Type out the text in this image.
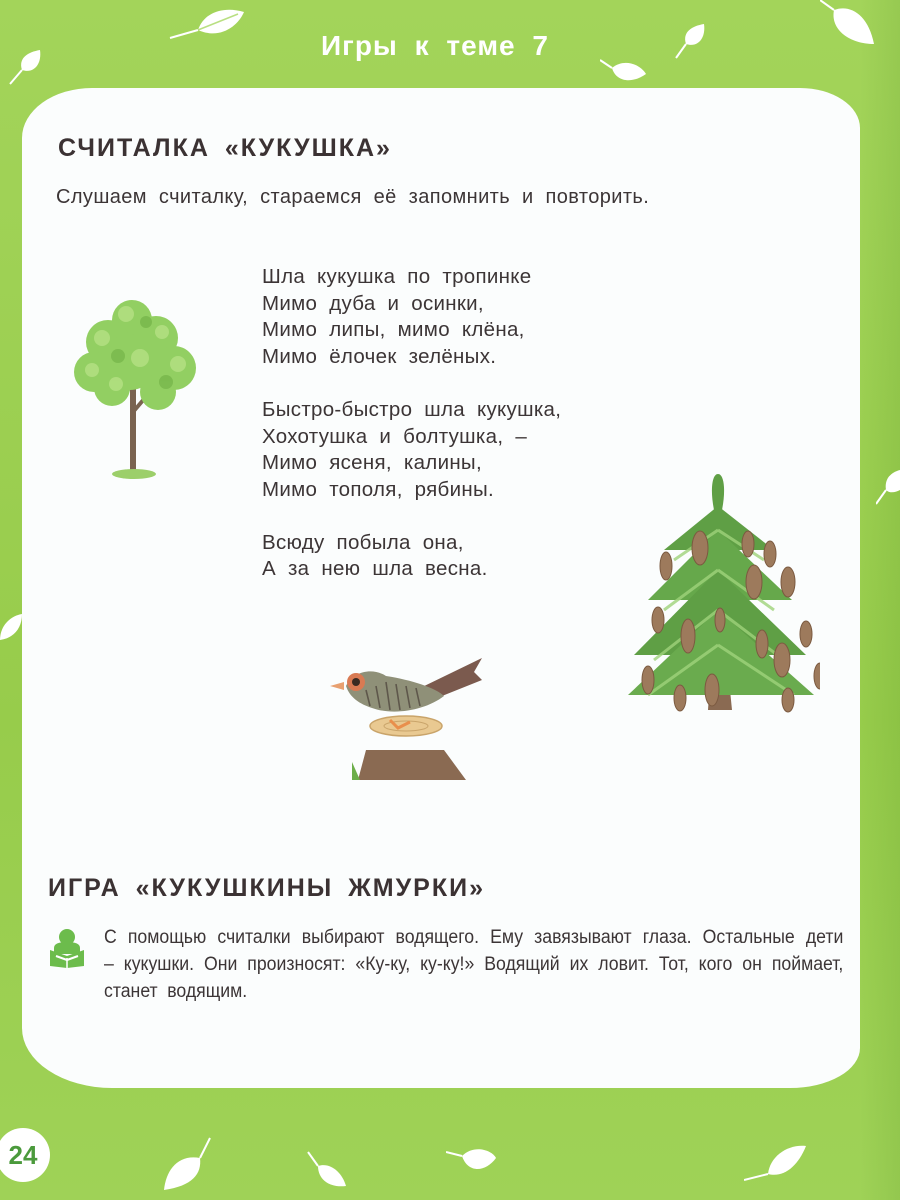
Игры к теме 7
СЧИТАЛКА «КУКУШКА»
Слушаем считалку, стараемся её запомнить и повторить.
Шла кукушка по тропинке
Мимо дуба и осинки,
Мимо липы, мимо клёна,
Мимо ёлочек зелёных.
Быстро-быстро шла кукушка,
Хохотушка и болтушка, –
Мимо ясеня, калины,
Мимо тополя, рябины.
Всюду побыла она,
А за нею шла весна.
ИГРА «КУКУШКИНЫ ЖМУРКИ»
С помощью считалки выбирают водящего. Ему завязывают глаза. Остальные дети – кукушки. Они произносят: «Ку-ку, ку-ку!» Водящий их ловит. Тот, кого он поймает, станет водящим.
24
